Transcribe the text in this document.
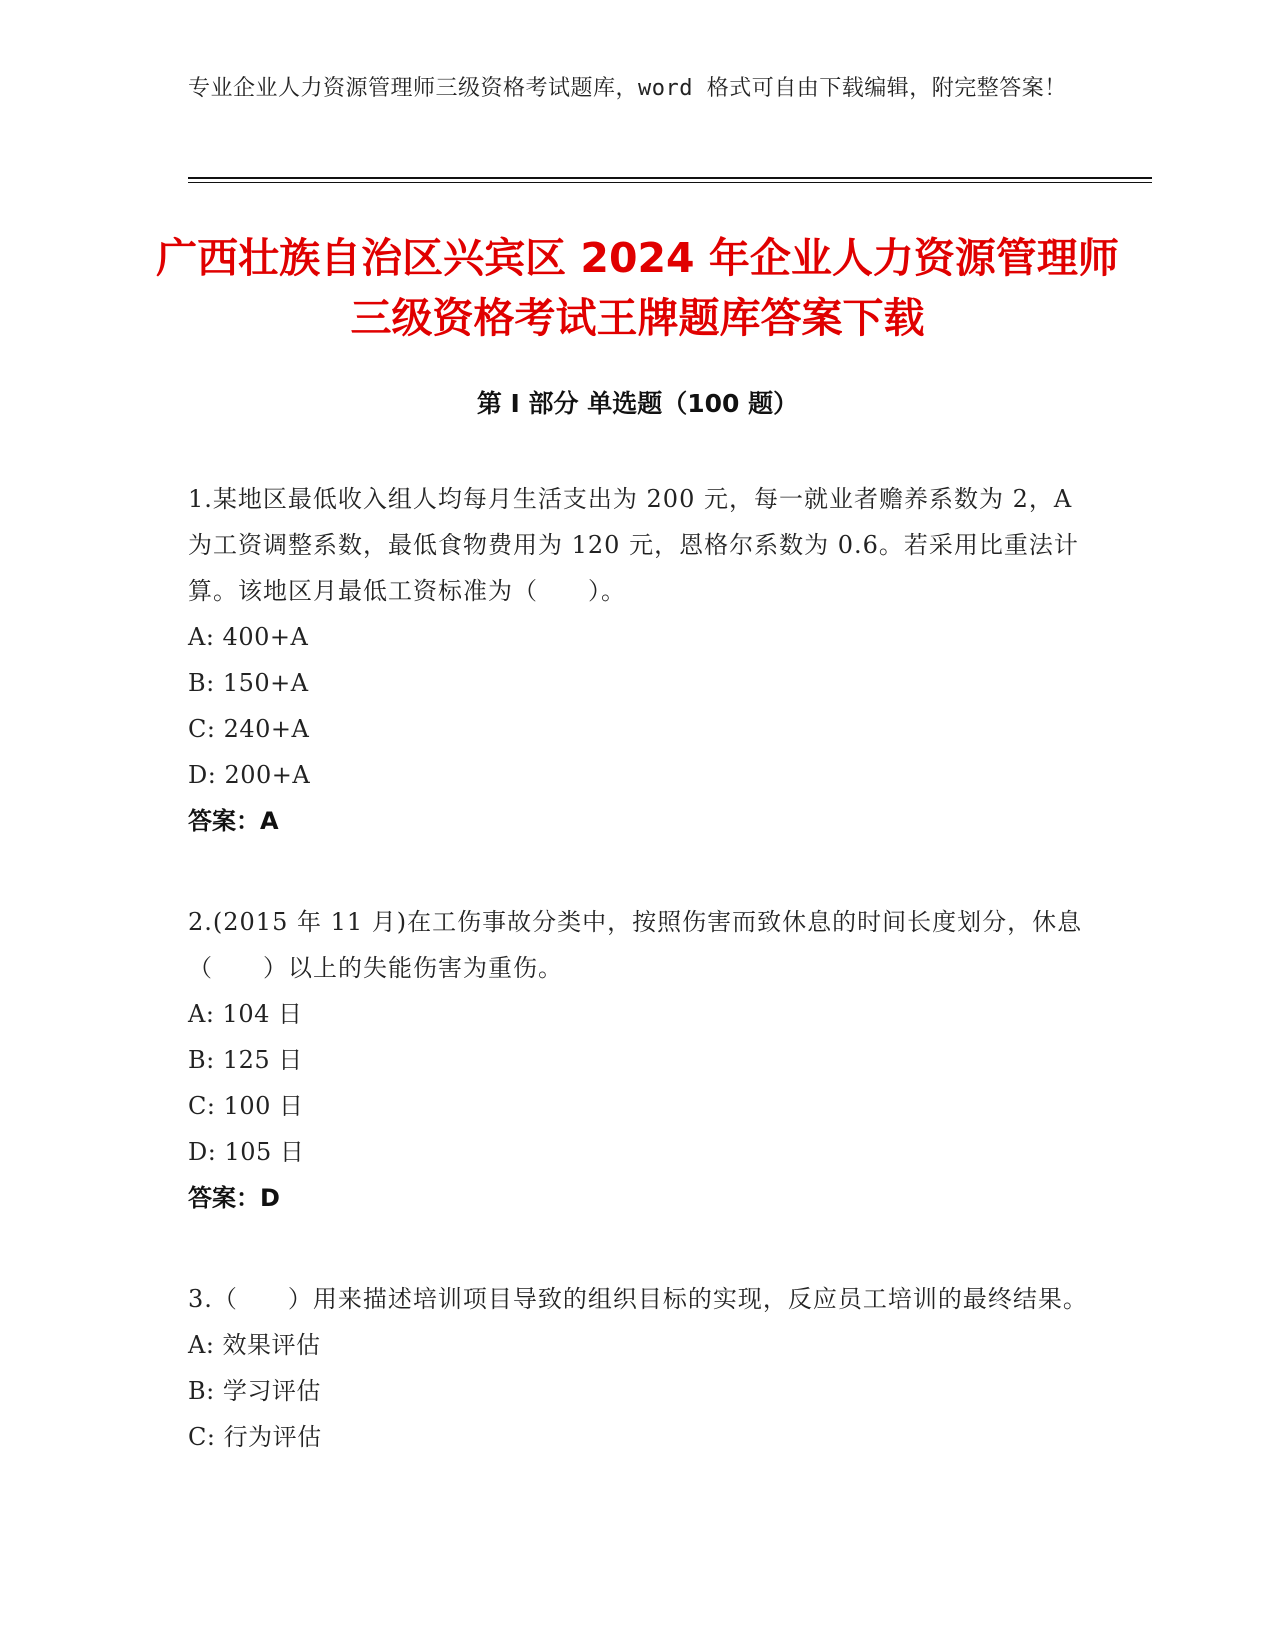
专业企业人力资源管理师三级资格考试题库，word 格式可自由下载编辑，附完整答案！
广西壮族自治区兴宾区 2024 年企业人力资源管理师三级资格考试王牌题库答案下载
第 I 部分 单选题（100 题）
1.某地区最低收入组人均每月生活支出为 200 元，每一就业者赡养系数为 2，A 为工资调整系数，最低食物费用为 120 元，恩格尔系数为 0.6。若采用比重法计算。该地区月最低工资标准为（　　）。
A: 400+A
B: 150+A
C: 240+A
D: 200+A
答案：A
2.(2015 年 11 月)在工伤事故分类中，按照伤害而致休息的时间长度划分，休息（　　）以上的失能伤害为重伤。
A: 104 日
B: 125 日
C: 100 日
D: 105 日
答案：D
3.（　　）用来描述培训项目导致的组织目标的实现，反应员工培训的最终结果。
A: 效果评估
B: 学习评估
C: 行为评估
